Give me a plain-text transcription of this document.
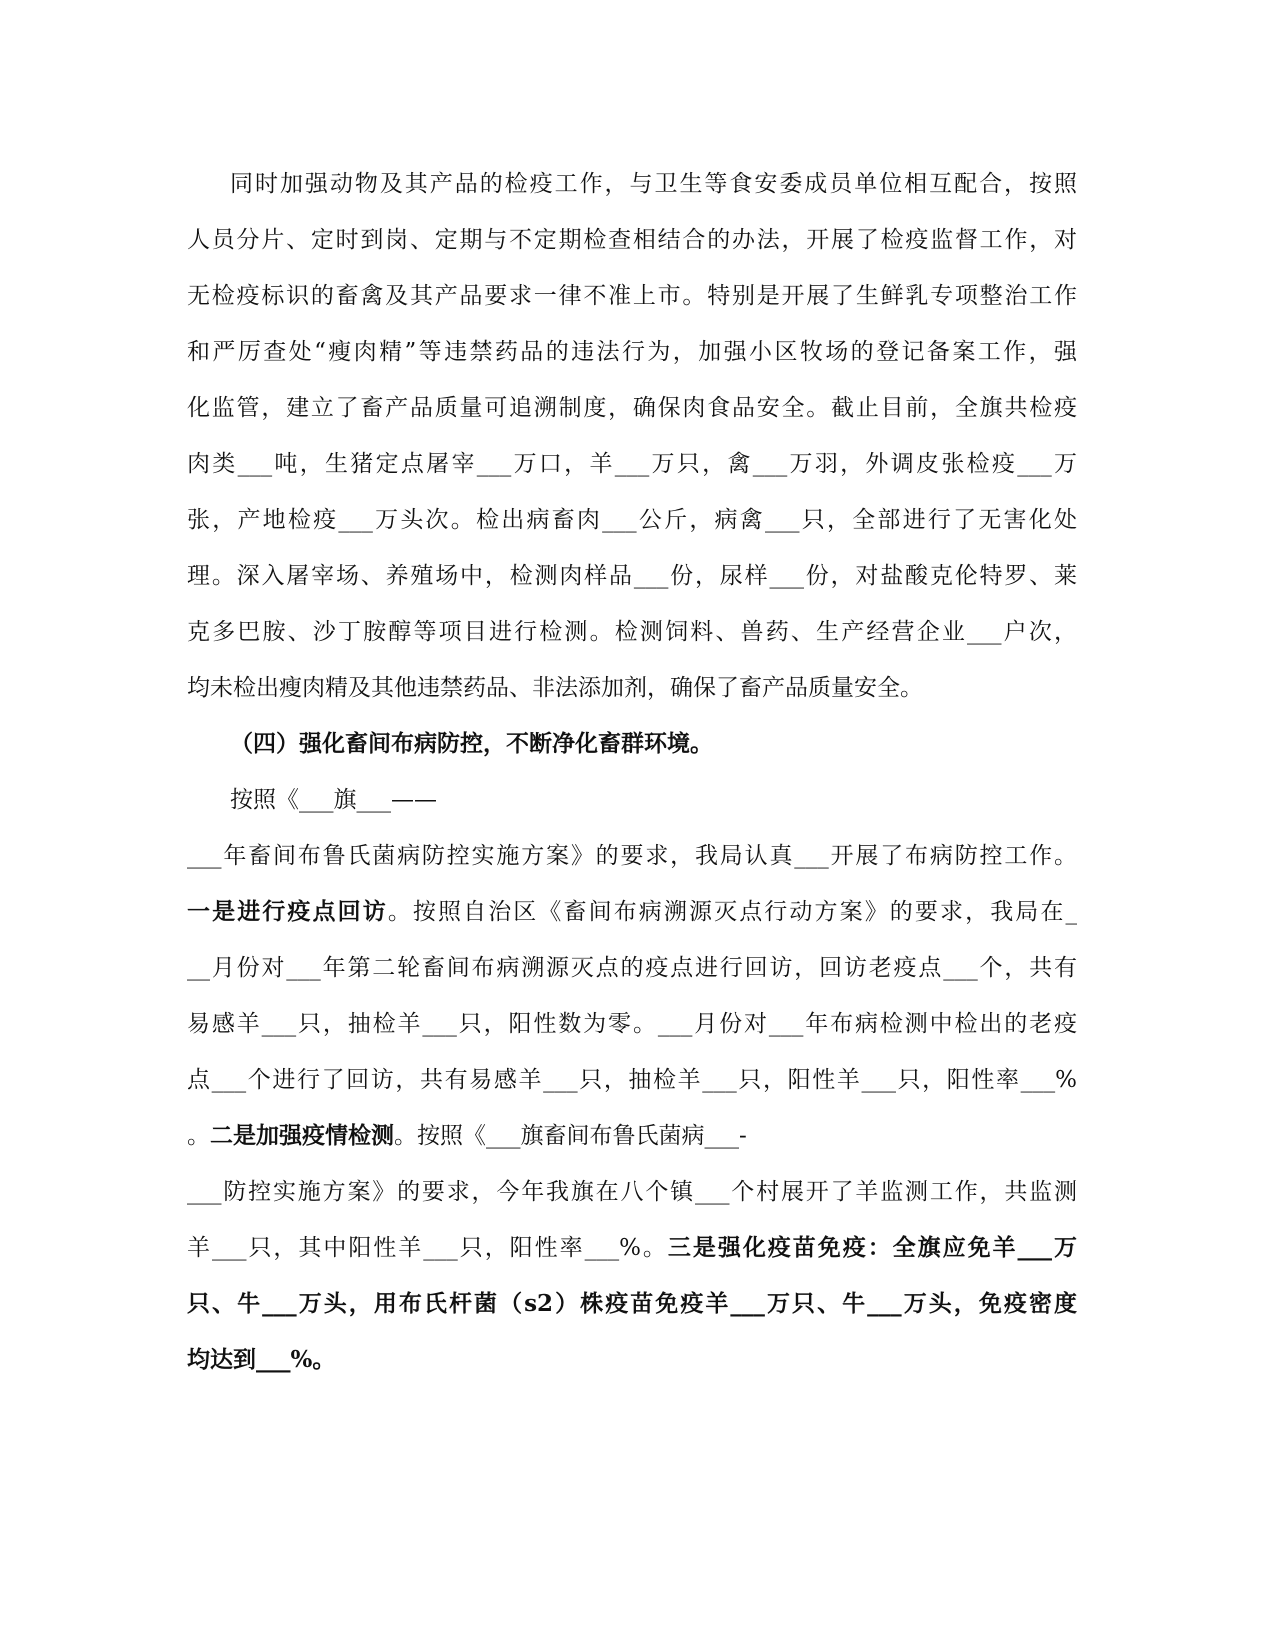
同时加强动物及其产品的检疫工作，与卫生等食安委成员单位相互配合，按照
人员分片、定时到岗、定期与不定期检查相结合的办法，开展了检疫监督工作，对
无检疫标识的畜禽及其产品要求一律不准上市。特别是开展了生鲜乳专项整治工作
和严厉查处“瘦肉精”等违禁药品的违法行为，加强小区牧场的登记备案工作，强
化监管，建立了畜产品质量可追溯制度，确保肉食品安全。截止目前，全旗共检疫
肉类___吨，生猪定点屠宰___万口，羊___万只，禽___万羽，外调皮张检疫___万
张，产地检疫___万头次。检出病畜肉___公斤，病禽___只，全部进行了无害化处
理。深入屠宰场、养殖场中，检测肉样品___份，尿样___份，对盐酸克伦特罗、莱
克多巴胺、沙丁胺醇等项目进行检测。检测饲料、兽药、生产经营企业___户次，
均未检出瘦肉精及其他违禁药品、非法添加剂，确保了畜产品质量安全。
（四）强化畜间布病防控，不断净化畜群环境。
按照《___旗___——
___年畜间布鲁氏菌病防控实施方案》的要求，我局认真___开展了布病防控工作。
一是进行疫点回访。按照自治区《畜间布病溯源灭点行动方案》的要求，我局在_
__月份对___年第二轮畜间布病溯源灭点的疫点进行回访，回访老疫点___个，共有
易感羊___只，抽检羊___只，阳性数为零。___月份对___年布病检测中检出的老疫
点___个进行了回访，共有易感羊___只，抽检羊___只，阳性羊___只，阳性率___%
。二是加强疫情检测。按照《___旗畜间布鲁氏菌病___-
___防控实施方案》的要求，今年我旗在八个镇___个村展开了羊监测工作，共监测
羊___只，其中阳性羊___只，阳性率___%。三是强化疫苗免疫：全旗应免羊___万
只、牛___万头，用布氏杆菌（s2）株疫苗免疫羊___万只、牛___万头，免疫密度
均达到___%。
